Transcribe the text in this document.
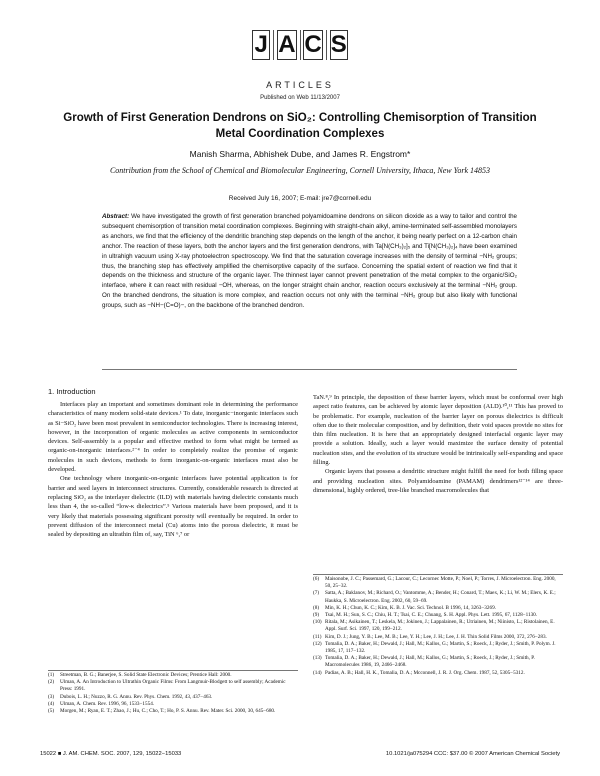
J A C S
ARTICLES
Published on Web 11/13/2007
Growth of First Generation Dendrons on SiO₂: Controlling Chemisorption of Transition Metal Coordination Complexes
Manish Sharma, Abhishek Dube, and James R. Engstrom*
Contribution from the School of Chemical and Biomolecular Engineering, Cornell University, Ithaca, New York 14853
Received July 16, 2007; E-mail: jre7@cornell.edu
Abstract: We have investigated the growth of first generation branched polyamidoamine dendrons on silicon dioxide as a way to tailor and control the subsequent chemisorption of transition metal coordination complexes. Beginning with straight-chain alkyl, amine-terminated self-assembled monolayers as anchors, we find that the efficiency of the dendritic branching step depends on the length of the anchor, it being nearly perfect on a 12-carbon chain anchor. The reaction of these layers, both the anchor layers and the first generation dendrons, with Ta[N(CH₃)₂]₅ and Ti[N(CH₃)₂]₄ have been examined in ultrahigh vacuum using X-ray photoelectron spectroscopy. We find that the saturation coverage increases with the density of terminal −NH₂ groups; thus, the branching step has effectively amplified the chemisorptive capacity of the surface. Concerning the spatial extent of reaction we find that it depends on the thickness and structure of the organic layer. The thinnest layer cannot prevent penetration of the metal complex to the organic/SiO₂ interface, where it can react with residual −OH, whereas, on the longer straight chain anchor, reaction occurs exclusively at the terminal −NH₂ group. On the branched dendrons, the situation is more complex, and reaction occurs not only with the terminal −NH₂ group but also likely with functional groups, such as −NH−(C=O)−, on the backbone of the branched dendron.
1. Introduction

Interfaces play an important and sometimes dominant role in determining the performance characteristics of many modern solid-state devices.¹ To date, inorganic−inorganic interfaces such as Si−SiO₂ have been most prevalent in semiconductor technologies. There is increasing interest, however, in the incorporation of organic molecules as active components in semiconductor devices. Self-assembly is a popular and effective method to form what might be termed as organic-on-inorganic interfaces.²⁻⁴ In order to completely realize the promise of organic molecules in such devices, methods to form inorganic-on-organic interfaces must also be developed.

One technology where inorganic-on-organic interfaces have potential application is for barrier and seed layers in interconnect structures. Currently, considerable research is directed at replacing SiO₂ as the interlayer dielectric (ILD) with materials having dielectric constants much less than 4, the so-called “low-κ dielectrics”.⁵ Various materials have been proposed, and it is very likely that materials possessing significant porosity will eventually be required. In order to prevent diffusion of the interconnect metal (Cu) atoms into the porous dielectric, it must be sealed by depositing an ultrathin film of, say, TiN ⁶,⁷ or

TaN.⁸,⁹ In principle, the deposition of these barrier layers, which must be conformal over high aspect ratio features, can be achieved by atomic layer deposition (ALD).¹⁰,¹¹ This has proved to be problematic. For example, nucleation of the barrier layer on porous dielectrics is difficult often due to their molecular composition, and by definition, their void spaces provide no sites for thin film nucleation. It is here that an appropriately designed interfacial organic layer may provide a solution. Ideally, such a layer would maximize the surface density of potential nucleation sites, and the evolution of its structure would be intrinsically self-expanding and space filling.

Organic layers that possess a dendritic structure might fulfill the need for both filling space and providing nucleation sites. Polyamidoamine (PAMAM) dendrimers¹²⁻¹⁴ are three-dimensional, highly ordered, tree-like branched macromolecules that

(1)	Streetman, B. G.; Banerjee, S. Solid State Electronic Devices; Prentice Hall: 2000.
(2)	Ulman, A. An Introduction to Ultrathin Organic Films: From Langmuir-Blodgett to self assembly; Academic Press: 1991.
(3)	Dubois, L. H.; Nuzzo, R. G. Annu. Rev. Phys. Chem. 1992, 43, 437−463.
(4)	Ulman, A. Chem. Rev. 1996, 96, 1533−1554.
(5)	Morgen, M.; Ryan, E. T.; Zhao, J.; Hu, C.; Cho, T.; Ho, P. S. Annu. Rev. Mater. Sci. 2000, 30, 645−680.
(6)	Maisonobe, J. C.; Passemard, G.; Lacour, C.; Lecornec Motte, P.; Noel, P.; Torres, J. Microelectron. Eng. 2000, 50, 25−32.
(7)	Satta, A.; Baklanov, M.; Richard, O.; Vantomme, A.; Bender, H.; Conard, T.; Maex, K.; Li, W. M.; Elers, K. E.; Haukka, S. Microelectron. Eng. 2002, 60, 59−69.
(8)	Min, K. H.; Chun, K. C.; Kim, K. B. J. Vac. Sci. Technol. B 1996, 14, 3263−3269.
(9)	Tsai, M. H.; Sun, S. C.; Chiu, H. T.; Tsai, C. E.; Chuang, S. H. Appl. Phys. Lett. 1995, 67, 1128−1130.
(10) Ritala, M.; Asikainen, T.; Leskela, M.; Jokinen, J.; Lappalainen, R.; Utriainen, M.; Niinisto, L.; Ristolainen, E. Appl. Surf. Sci. 1997, 120, 199−212.
(11) Kim, D. J.; Jung, Y. B.; Lee, M. B.; Lee, Y. H.; Lee, J. H.; Lee, J. H. Thin Solid Films 2000, 372, 276−283.
(12) Tomalia, D. A.; Baker, H.; Dewald, J.; Hall, M.; Kallos, G.; Martin, S.; Roeck, J.; Ryder, J.; Smith, P. Polym. J. 1985, 17, 117−132.
(13) Tomalia, D. A.; Baker, H.; Dewald, J.; Hall, M.; Kallos, G.; Martin, S.; Roeck, J.; Ryder, J.; Smith, P. Macromolecules 1986, 19, 2466−2468.
(14) Padias, A. B.; Hall, H. K., Tomalia, D. A.; Mcconnell, J. R. J. Org. Chem. 1987, 52, 5305−5312.
15022 ■ J. AM. CHEM. SOC. 2007, 129, 15022−15033	10.1021/ja075294 CCC: $37.00 © 2007 American Chemical Society
